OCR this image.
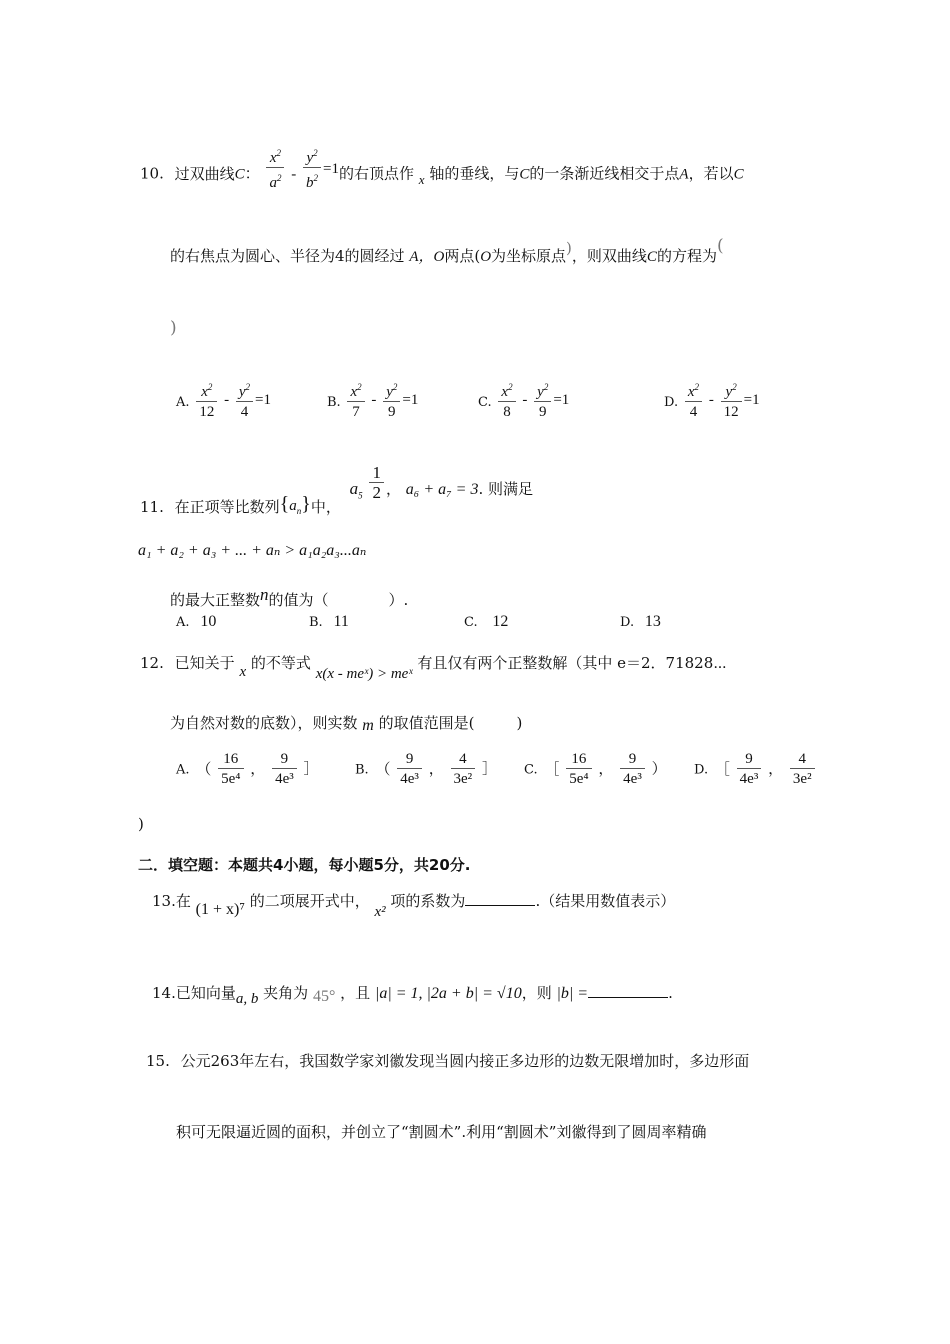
10. 过双曲线C： $\frac{x^2}{a^2} - \frac{y^2}{b^2} =1$的右顶点作 x 轴的垂线，与C的一条渐近线相交于点A，若以C
的右焦点为圆心、半径为4的圆经过 A，O两点(O为坐标原点)，则双曲线C的方程为(
)
A. $\frac{x^2}{12} - \frac{y^2}{4} =1$	B. $\frac{x^2}{7} - \frac{y^2}{9} =1$	C. $\frac{x^2}{8} - \frac{y^2}{9} =1$	D. $\frac{x^2}{4} - \frac{y^2}{12} =1$
11. 在正项等比数列$\{a_n\}$中， $a_5 \frac{1}{2}$ ， a₆ + a₇ = 3. 则满足
a₁ + a₂ + a₃ + ... + aₙ > a₁a₂a₃...aₙ
的最大正整数n的值为（	）.
A. 10	B. 11	C. 12	D. 13
12. 已知关于 x 的不等式 x(x - meˣ) > meˣ 有且仅有两个正整数解（其中 e＝2．71828⋯
为自然对数的底数），则实数 m 的取值范围是(	)
A. （ $\frac{16}{\text{5e⁴}}$ ， $\frac{9}{\text{4e³}}$ ］	B. （ $\frac{9}{\text{4e³}}$ ， $\frac{4}{\text{3e²}}$ ］ C. ［ $\frac{16}{\text{5e⁴}}$ ， $\frac{9}{\text{4e³}}$ ） D. ［ $\frac{9}{\text{4e³}}$ ， $\frac{4}{\text{3e²}}$
)
二．填空题：本题共4小题，每小题5分，共20分.
13.在 (1 + x)⁷ 的二项展开式中， x² 项的系数为	.（结果用数值表示）
14.已知向量a, b 夹角为 45° ，且 |a| = 1, |2a + b| = √10，则 |b| =	.
15. 公元263年左右，我国数学家刘徽发现当圆内接正多边形的边数无限增加时，多边形面
积可无限逼近圆的面积，并创立了“割圆术”.利用“割圆术”刘徽得到了圆周率精确
